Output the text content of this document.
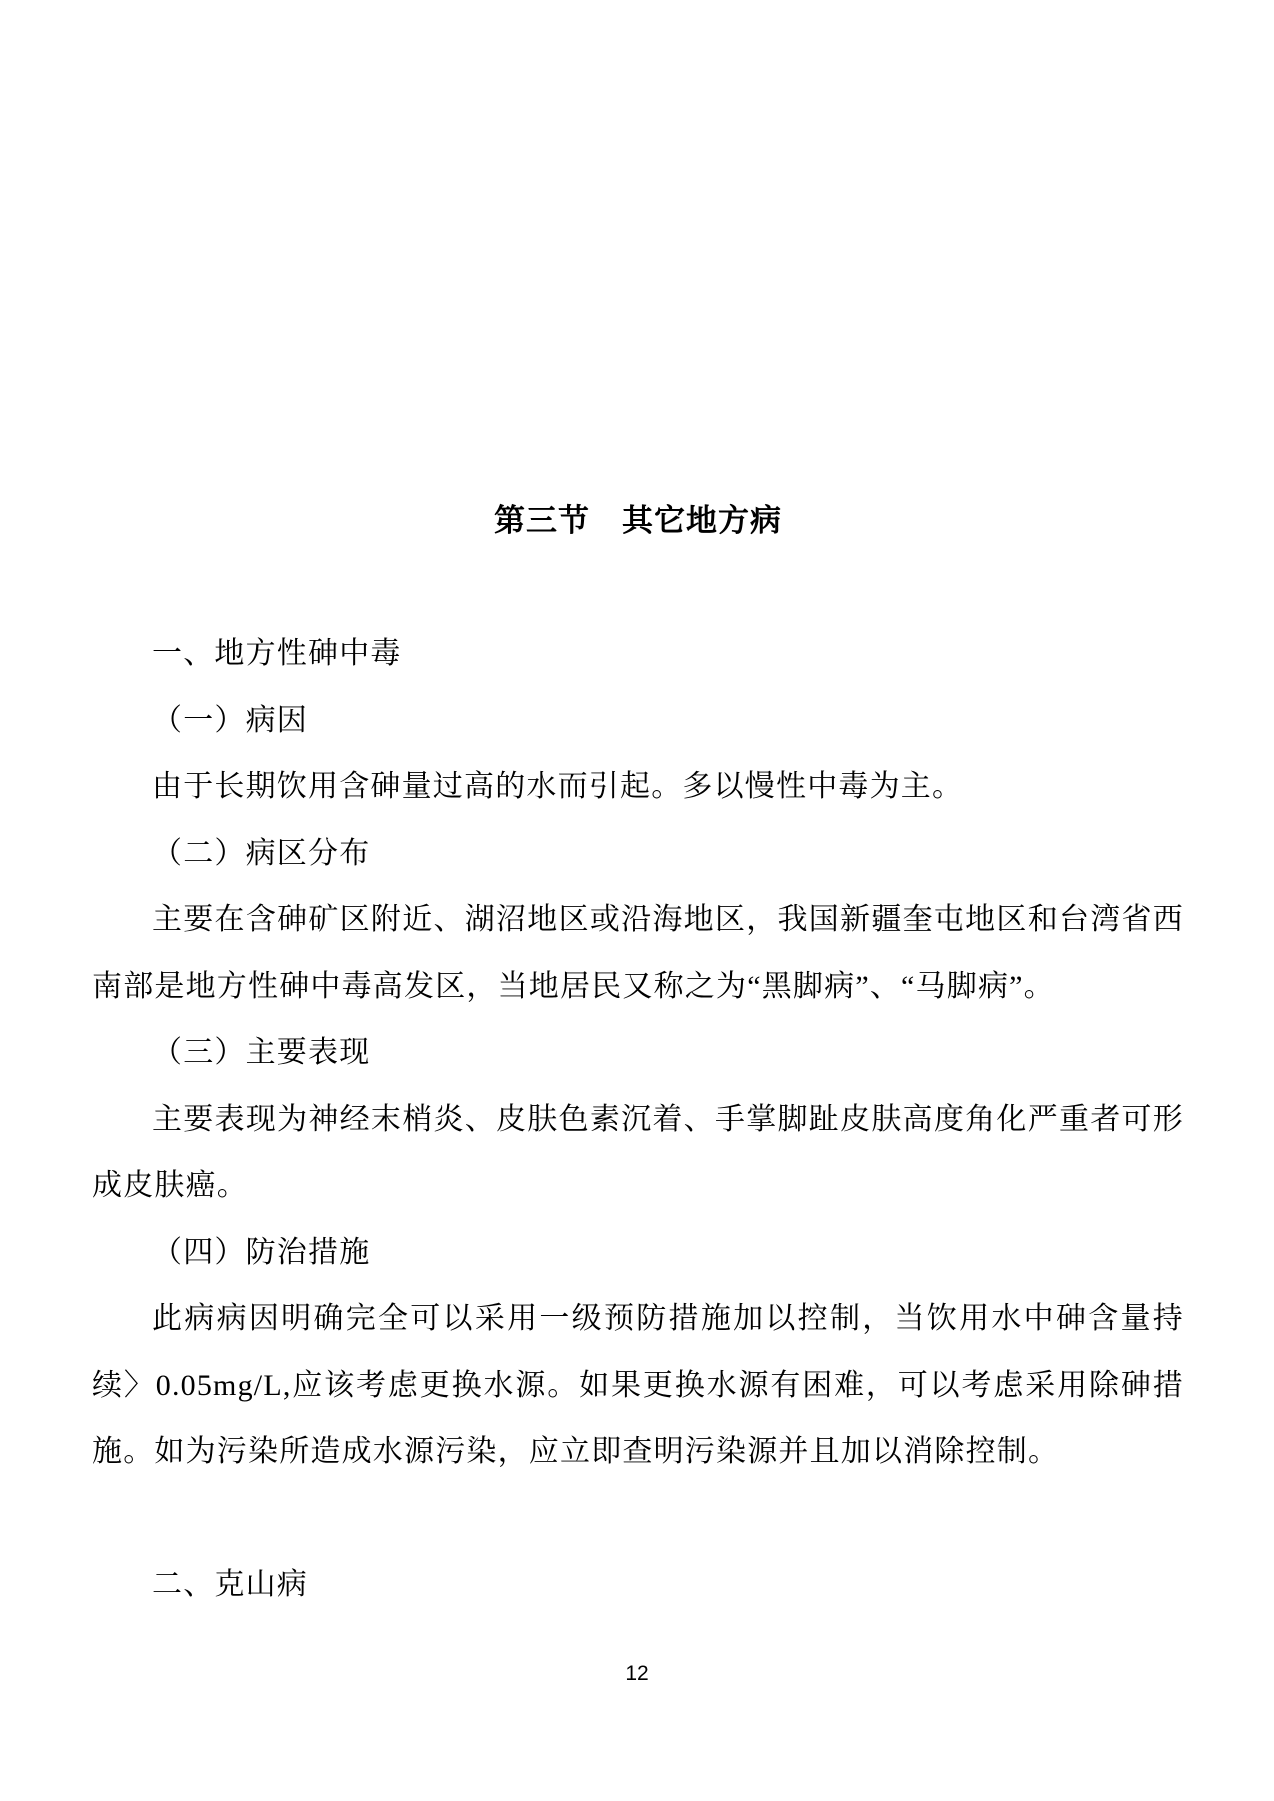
第三节　其它地方病
一、地方性砷中毒
（一）病因
由于长期饮用含砷量过高的水而引起。多以慢性中毒为主。
（二）病区分布
主要在含砷矿区附近、湖沼地区或沿海地区，我国新疆奎屯地区和台湾省西南部是地方性砷中毒高发区，当地居民又称之为“黑脚病”、“马脚病”。
（三）主要表现
主要表现为神经末梢炎、皮肤色素沉着、手掌脚趾皮肤高度角化严重者可形成皮肤癌。
（四）防治措施
此病病因明确完全可以采用一级预防措施加以控制，当饮用水中砷含量持续〉0.05mg/L,应该考虑更换水源。如果更换水源有困难，可以考虑采用除砷措施。如为污染所造成水源污染，应立即查明污染源并且加以消除控制。
二、克山病
12
